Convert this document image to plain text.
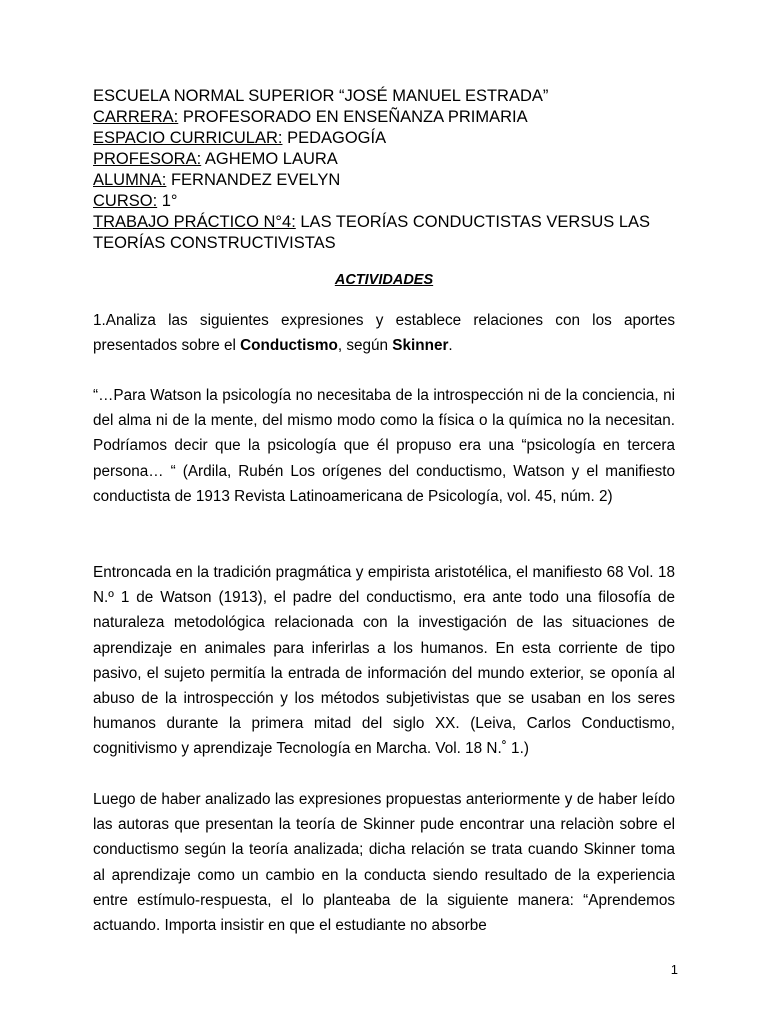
ESCUELA NORMAL SUPERIOR “JOSÉ MANUEL ESTRADA”
CARRERA: PROFESORADO EN ENSEÑANZA PRIMARIA
ESPACIO CURRICULAR: PEDAGOGÍA
PROFESORA: AGHEMO LAURA
ALUMNA: FERNANDEZ EVELYN
CURSO: 1°
TRABAJO PRÁCTICO N°4: LAS TEORÍAS CONDUCTISTAS VERSUS LAS TEORÍAS CONSTRUCTIVISTAS
ACTIVIDADES
1.Analiza las siguientes expresiones y establece relaciones con los aportes presentados sobre el Conductismo, según Skinner.
“…Para Watson la psicología no necesitaba de la introspección ni de la conciencia, ni del alma ni de la mente, del mismo modo como la física o la química no la necesitan. Podríamos decir que la psicología que él propuso era una “psicología en tercera persona… “ (Ardila, Rubén Los orígenes del conductismo, Watson y el manifiesto conductista de 1913 Revista Latinoamericana de Psicología, vol. 45, núm. 2)
Entroncada en la tradición pragmática y empirista aristotélica, el manifiesto 68 Vol. 18 N.º 1 de Watson (1913), el padre del conductismo, era ante todo una filosofía de naturaleza metodológica relacionada con la investigación de las situaciones de aprendizaje en animales para inferirlas a los humanos. En esta corriente de tipo pasivo, el sujeto permitía la entrada de información del mundo exterior, se oponía al abuso de la introspección y los métodos subjetivistas que se usaban en los seres humanos durante la primera mitad del siglo XX. (Leiva, Carlos Conductismo, cognitivismo y aprendizaje Tecnología en Marcha. Vol. 18 N.˚ 1.)
Luego de haber analizado las expresiones propuestas anteriormente y de haber leído las autoras que presentan la teoría de Skinner pude encontrar una relaciòn sobre el conductismo según la teoría analizada; dicha relación se trata cuando Skinner toma al aprendizaje como un cambio en la conducta siendo resultado de la experiencia entre estímulo-respuesta, el lo planteaba de la siguiente manera: “Aprendemos actuando. Importa insistir en que el estudiante no absorbe
1
